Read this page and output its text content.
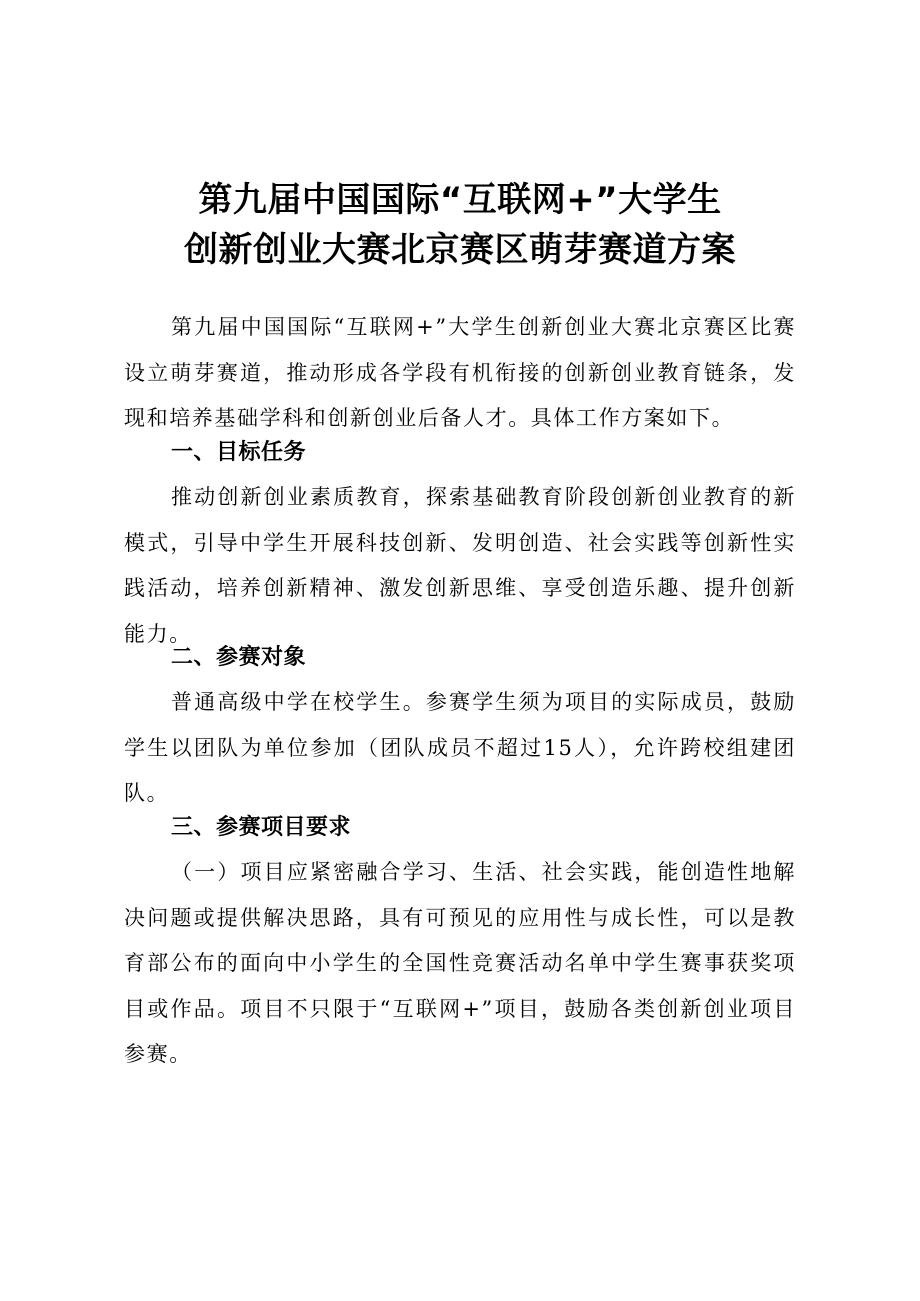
第九届中国国际“互联网+”大学生
创新创业大赛北京赛区萌芽赛道方案

第九届中国国际“互联网+”大学生创新创业大赛北京赛区比赛设立萌芽赛道，推动形成各学段有机衔接的创新创业教育链条，发现和培养基础学科和创新创业后备人才。具体工作方案如下。

一、目标任务

推动创新创业素质教育，探索基础教育阶段创新创业教育的新模式，引导中学生开展科技创新、发明创造、社会实践等创新性实践活动，培养创新精神、激发创新思维、享受创造乐趣、提升创新能力。

二、参赛对象

普通高级中学在校学生。参赛学生须为项目的实际成员，鼓励学生以团队为单位参加（团队成员不超过15人），允许跨校组建团队。

三、参赛项目要求

（一）项目应紧密融合学习、生活、社会实践，能创造性地解决问题或提供解决思路，具有可预见的应用性与成长性，可以是教育部公布的面向中小学生的全国性竞赛活动名单中学生赛事获奖项目或作品。项目不只限于“互联网+”项目，鼓励各类创新创业项目参赛。
